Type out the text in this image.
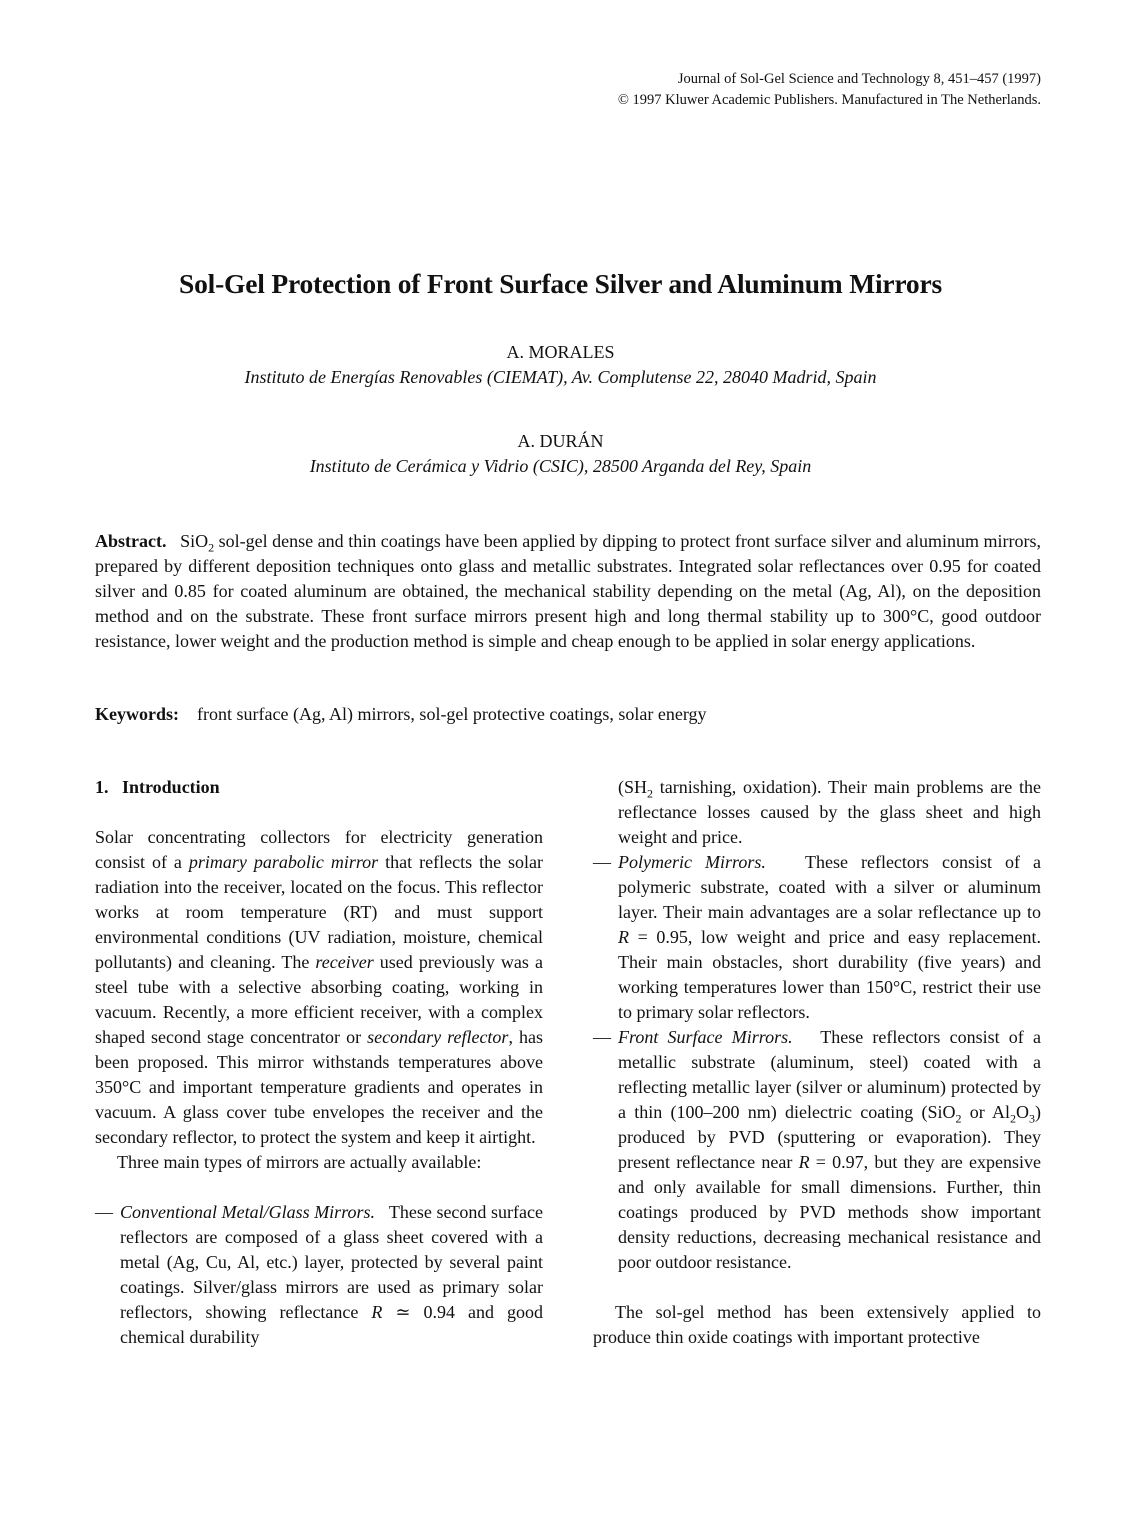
Journal of Sol-Gel Science and Technology 8, 451–457 (1997)
© 1997 Kluwer Academic Publishers. Manufactured in The Netherlands.
Sol-Gel Protection of Front Surface Silver and Aluminum Mirrors
A. MORALES
Instituto de Energías Renovables (CIEMAT), Av. Complutense 22, 28040 Madrid, Spain
A. DURÁN
Instituto de Cerámica y Vidrio (CSIC), 28500 Arganda del Rey, Spain
Abstract. SiO$_2$ sol-gel dense and thin coatings have been applied by dipping to protect front surface silver and aluminum mirrors, prepared by different deposition techniques onto glass and metallic substrates. Integrated solar reflectances over 0.95 for coated silver and 0.85 for coated aluminum are obtained, the mechanical stability depending on the metal (Ag, Al), on the deposition method and on the substrate. These front surface mirrors present high and long thermal stability up to 300°C, good outdoor resistance, lower weight and the production method is simple and cheap enough to be applied in solar energy applications.
Keywords: front surface (Ag, Al) mirrors, sol-gel protective coatings, solar energy
1.   Introduction

Solar concentrating collectors for electricity generation consist of a primary parabolic mirror that reflects the solar radiation into the receiver, located on the focus. This reflector works at room temperature (RT) and must support environmental conditions (UV radiation, moisture, chemical pollutants) and cleaning. The receiver used previously was a steel tube with a selective absorbing coating, working in vacuum. Recently, a more efficient receiver, with a complex shaped second stage concentrator or secondary reflector, has been proposed. This mirror withstands temperatures above 350°C and important temperature gradients and operates in vacuum. A glass cover tube envelopes the receiver and the secondary reflector, to protect the system and keep it airtight.

Three main types of mirrors are actually available:

— Conventional Metal/Glass Mirrors. These second surface reflectors are composed of a glass sheet covered with a metal (Ag, Cu, Al, etc.) layer, protected by several paint coatings. Silver/glass mirrors are used as primary solar reflectors, showing reflectance R ≃ 0.94 and good chemical durability

($SH_2$ tarnishing, oxidation). Their main problems are the reflectance losses caused by the glass sheet and high weight and price.

— Polymeric Mirrors. These reflectors consist of a polymeric substrate, coated with a silver or aluminum layer. Their main advantages are a solar reflectance up to R = 0.95, low weight and price and easy replacement. Their main obstacles, short durability (five years) and working temperatures lower than 150°C, restrict their use to primary solar reflectors.

— Front Surface Mirrors. These reflectors consist of a metallic substrate (aluminum, steel) coated with a reflecting metallic layer (silver or aluminum) protected by a thin (100–200 nm) dielectric coating (SiO$_2$ or $Al_2O_3$) produced by PVD (sputtering or evaporation). They present reflectance near R = 0.97, but they are expensive and only available for small dimensions. Further, thin coatings produced by PVD methods show important density reductions, decreasing mechanical resistance and poor outdoor resistance.

The sol-gel method has been extensively applied to produce thin oxide coatings with important protective
